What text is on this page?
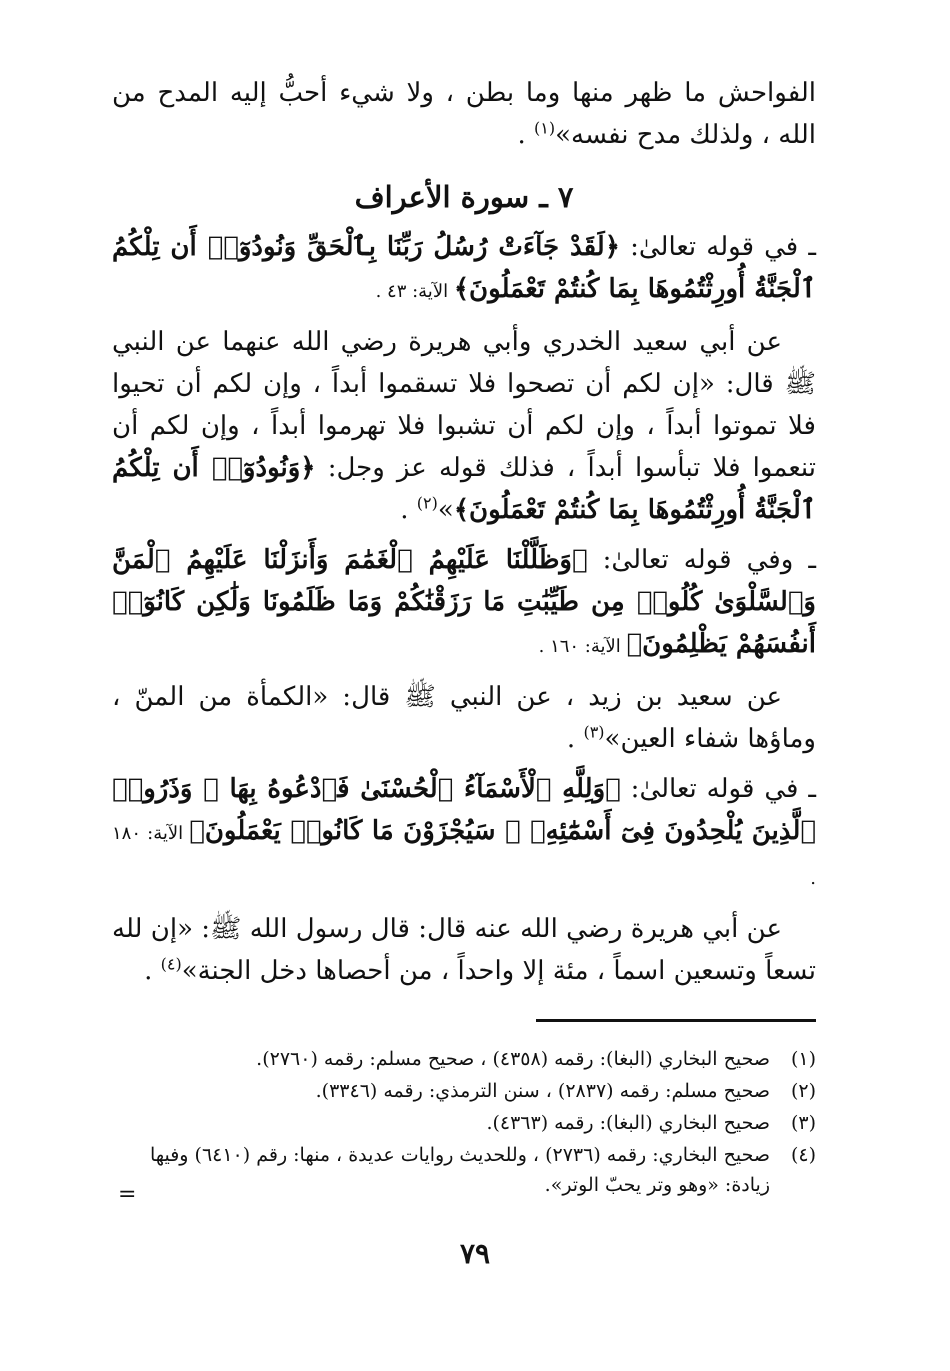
الفواحش ما ظهر منها وما بطن ، ولا شيء أحبُّ إليه المدح من الله ، ولذلك مدح نفسه»$^{(١)}$ .

٧ ـ سورة الأعراف

ـ في قوله تعالىٰ: ﴿لَقَدْ جَآءَتْ رُسُلُ رَبِّنَا بِٱلْحَقِّ وَنُودُوٓا۟ أَن تِلْكُمُ ٱلْجَنَّةُ أُورِثْتُمُوهَا بِمَا كُنتُمْ تَعْمَلُونَ﴾ الآية: ٤٣ .

عن أبي سعيد الخدري وأبي هريرة رضي الله عنهما عن النبي ﷺ قال: «إن لكم أن تصحوا فلا تسقموا أبداً ، وإن لكم أن تحيوا فلا تموتوا أبداً ، وإن لكم أن تشبوا فلا تهرموا أبداً ، وإن لكم أن تنعموا فلا تبأسوا أبداً ، فذلك قوله عز وجل: ﴿وَنُودُوٓا۟ أَن تِلْكُمُ ٱلْجَنَّةُ أُورِثْتُمُوهَا بِمَا كُنتُمْ تَعْمَلُونَ﴾»$^{(٢)}$ .

ـ وفي قوله تعالىٰ: ﴿وَظَلَّلْنَا عَلَيْهِمُ ٱلْغَمَٰمَ وَأَنزَلْنَا عَلَيْهِمُ ٱلْمَنَّ وَٱلسَّلْوَىٰ كُلُوا۟ مِن طَيِّبَٰتِ مَا رَزَقْنَٰكُمْ وَمَا ظَلَمُونَا وَلَٰكِن كَانُوٓا۟ أَنفُسَهُمْ يَظْلِمُونَ﴾ الآية: ١٦٠ .

عن سعيد بن زيد ، عن النبي ﷺ قال: «الكمأة من المنّ ، وماؤها شفاء العين»$^{(٣)}$ .

ـ في قوله تعالىٰ: ﴿وَلِلَّهِ ٱلْأَسْمَآءُ ٱلْحُسْنَىٰ فَٱدْعُوهُ بِهَا ۖ وَذَرُوا۟ ٱلَّذِينَ يُلْحِدُونَ فِىٓ أَسْمَٰٓئِهِۦ ۚ سَيُجْزَوْنَ مَا كَانُوا۟ يَعْمَلُونَ﴾ الآية: ١٨٠ .

عن أبي هريرة رضي الله عنه قال: قال رسول الله ﷺ: «إن لله تسعاً وتسعين اسماً ، مئة إلا واحداً ، من أحصاها دخل الجنة»$^{(٤)}$ .

(١)
صحيح البخاري (البغا): رقمه (٤٣٥٨) ، صحيح مسلم: رقمه (٢٧٦٠).
(٢)
صحيح مسلم: رقمه (٢٨٣٧) ، سنن الترمذي: رقمه (٣٣٤٦).
(٣)
صحيح البخاري (البغا): رقمه (٤٣٦٣).
(٤)
صحيح البخاري: رقمه (٢٧٣٦) ، وللحديث روايات عديدة ، منها: رقم (٦٤١٠) وفيها زيادة: «وهو وتر يحبّ الوتر».
=
٧٩
